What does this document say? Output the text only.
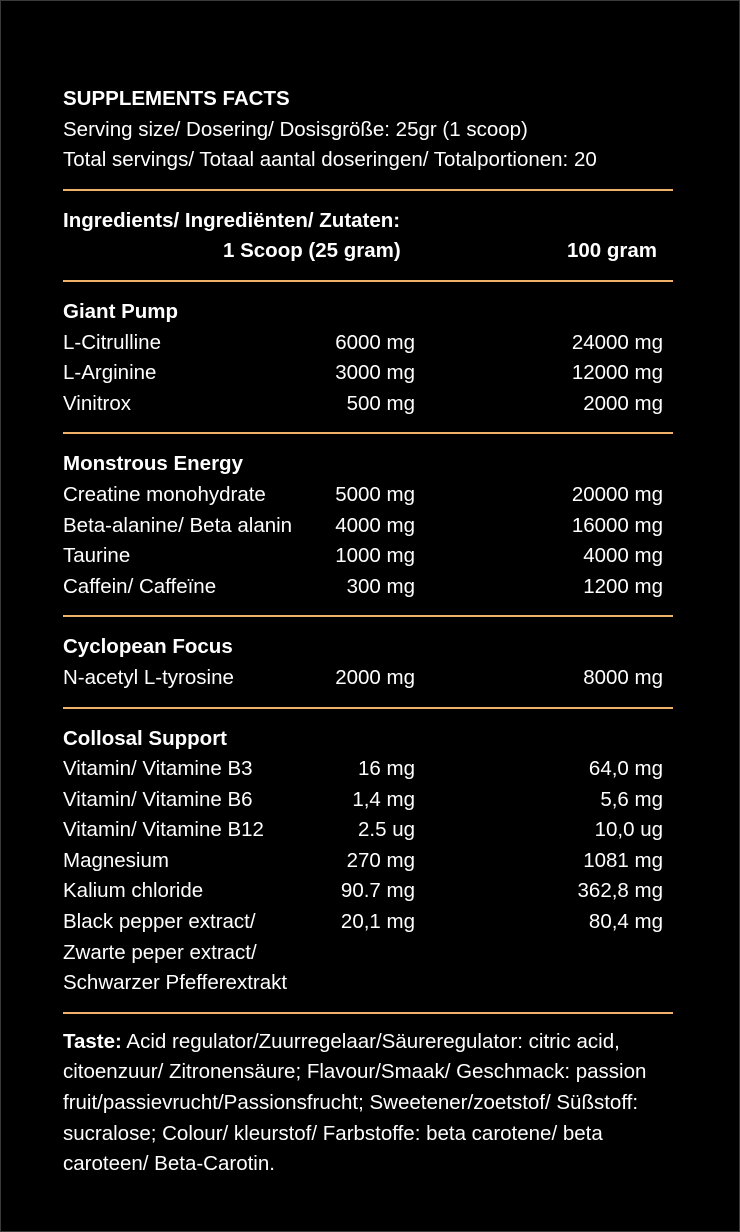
SUPPLEMENTS FACTS
Serving size/ Dosering/ Dosisgröße: 25gr (1 scoop)
Total servings/ Totaal aantal doseringen/ Totalportionen: 20
Ingredients/ Ingrediënten/ Zutaten:
1 Scoop (25 gram)	100 gram
Giant Pump
L-Citrulline	6000 mg	24000 mg
L-Arginine	3000 mg	12000 mg
Vinitrox	500 mg	2000 mg
Monstrous Energy
Creatine monohydrate	5000 mg	20000 mg
Beta-alanine/ Beta alanin 4000 mg	16000 mg
Taurine	1000 mg	4000 mg
Caffein/ Caffeïne	300 mg	1200 mg
Cyclopean Focus
N-acetyl L-tyrosine	2000 mg	8000 mg
Collosal Support
Vitamin/ Vitamine B3	16 mg	64,0 mg
Vitamin/ Vitamine B6	1,4 mg	5,6 mg
Vitamin/ Vitamine B12	2.5 ug	10,0 ug
Magnesium	270 mg	1081 mg
Kalium chloride	90.7 mg	362,8 mg
Black pepper extract/	20,1 mg	80,4 mg
Zwarte peper extract/
Schwarzer Pfefferextrakt
Taste: Acid regulator/Zuurregelaar/Säureregulator: citric acid, citoenzuur/ Zitronensäure; Flavour/Smaak/ Geschmack: passion fruit/passievrucht/Passionsfrucht; Sweetener/zoetstof/ Süßstoff: sucralose; Colour/ kleurstof/ Farbstoffe: beta carotene/ beta caroteen/ Beta-Carotin.
